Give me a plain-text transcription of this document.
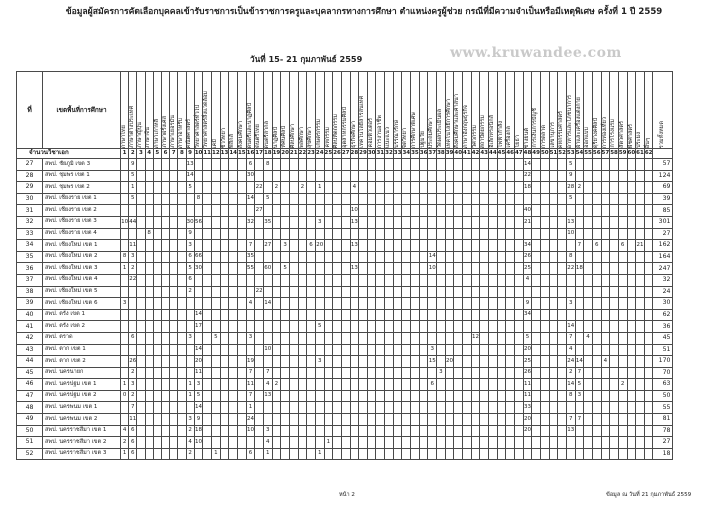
ข้อมูลผู้สมัครการคัดเลือกบุคคลเข้ารับราชการเป็นข้าราชการครูและบุคลากรทางการศึกษา ตำแหน่งครูผู้ช่วย กรณีที่มีความจำเป็นหรือมีเหตุพิเศษ ครั้งที่ 1 ปี 2559
www.kruwandee.com
วันที่ 15- 21 กุมภาพันธ์ 2559
ที่	เขตพื้นที่การศึกษา	ภาษาไทย	ภาษาต่างประเทศ	ภาษาญี่ปุ่น	ภาษาจีน	ภาษาเกาหลี	ภาษาฝรั่งเศส	ภาษาเยอรมัน	ภาษาอาหรับ	คณิตศาสตร์	วิทยาศาสตร์ทั่วไป	วิทยาศาสตร์สิ่งแวดล้อม	เคมี	ชีววิทยา	ฟิสิกส์	สังคมศึกษา	ดนตรีและนาฏศิลป์	ดนตรีไทย	ดนตรีสากล	นาฏศิลป์	ทัศนศิลป์	ศิลปศึกษา	พลศึกษา	สุขศึกษา	เกษตรกรรม	คหกรรม	ศิลปหัตถกรรม	อุตสาหกรรมศิลป์	ธุรกิจศึกษา	เทคโนโลยีสารสนเทศ	คอมพิวเตอร์	การงานอาชีพ	แนะแนว	บรรณารักษ์	จิตวิทยา	การศึกษาพิเศษ	ปฐมวัย	ประถมศึกษา	วัดผลประเมินผล	เทคโนโลยีการศึกษา	สังคมศึกษาและศาสนา	ภาษาอังกฤษธุรกิจ	วิศวกรรม	สถาปัตยกรรม	อิเล็กทรอนิกส์	ไฟฟ้ากำลัง	เครื่องกล	โยธา	ช่างยนต์	การเงินการบัญชี	การตลาด	เลขานุการ	คหกรรมศาสตร์	อาหารและโภชนาการ	ผ้าและเครื่องแต่งกาย	ออกแบบ	ดุริยางคศิลป์	การท่องเที่ยว	การโรงแรม	สัตวศาสตร์	พืชศาสตร์	ประมง	อื่นๆ	รวมทั้งหมด

จำนวนวิชาเอก	1	2	3	4	5	6	7	8	9	10	11	12	13	14	15	16	17	18	19	20	21	22	23	24	25	26	27	28	29	30	31	32	33	34	35	36	37	38	39	40	41	42	43	44	45	46	47	48	49	50	51	52	53	54	55	56	57	58	59	60	61	62	
27	สพป. ชัยภูมิ เขต 3		9							13							6		8																														14					5										57
28	สพป. ชุมพร เขต 1		5							14							30																																22					9										124
29	สพป. ชุมพร เขต 2		1							5								22		2			2		1				4																				18					28	2									69
30	สพป. เชียงราย เขต 1		5								8						14		5																																			5										39
31	สพป. เชียงราย เขต 2																	27											10																				40															85
32	สพป. เชียงราย เขต 3	10	44							30	56						32		35						3				13																				21					13										301
33	สพป. เชียงราย เขต 4				8					9																																												10										27
34	สพป. เชียงใหม่ เขต 1		11							3							7		27		3			6	20				13																				34						7		6			6		21		162
35	สพป. เชียงใหม่ เขต 2	8	3							6	66						35																					14											26					8										164
36	สพป. เชียงใหม่ เขต 3	1	2							5	30						55		60		5								13									10											25					22	18									247
37	สพป. เชียงใหม่ เขต 4		22							6																																							4															32
38	สพป. เชียงใหม่ เขต 5									2								22																																														24
39	สพป. เชียงใหม่ เขต 6	3															4		14																														9					3										30
40	สพป. ตรัง เขต 1										14																																						34															62
41	สพป. ตรัง เขต 2										17														5																													14										36
42	สพป. ตราด		6							3			5				3																										12						5					7		4								45
43	สพป. ตาก เขต 1										14								10																			3											20					4										51
44	สพป. ตาก เขต 2		26								20						19								3													15		20									25					24	14			4						170
45	สพป. นครนายก		2								11						7		7																				3										26					2	7									70
46	สพป. นครปฐม เขต 1	1	3							1	3						11		4	2																		6											11					14	5					2				63
47	สพป. นครปฐม เขต 2	0	2							1	5						7		13																														11					8	3									50
48	สพป. นครพนม เขต 1		7								14						1																																33															55
49	สพป. นครพนม เขต 2		11							3	9						24																																20					7	7									81
50	สพป. นครราชสีมา เขต 1	4	6							2	18						10		3																														20					13										78
51	สพป. นครราชสีมา เขต 2	2	6							4	10								4							1																																						27
52	สพป. นครราชสีมา เขต 3	1	6							2			1				6		1						1																																							18
หน้า 2	ข้อมูล ณ วันที่ 21 กุมภาพันธ์ 2559
